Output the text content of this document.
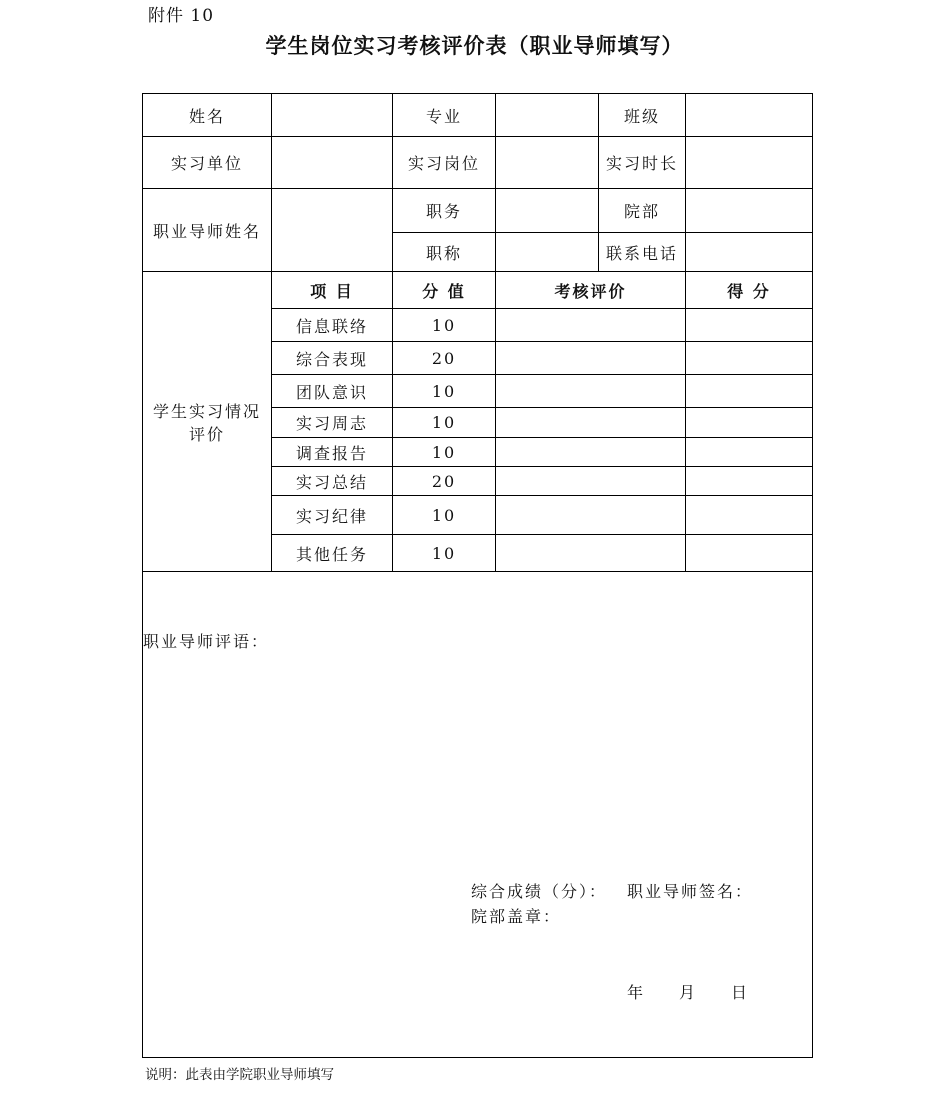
附件 10
学生岗位实习考核评价表（职业导师填写）
姓名		专业		班级	
实习单位		实习岗位		实习时长	
职业导师姓名		职务		院部	
		职称		联系电话	
学生实习情况
评价	项 目	分 值	考核评价		得 分
	信息联络	10			
	综合表现	20			
	团队意识	10			
	实习周志	10			
	调查报告	10			
	实习总结	20			
	实习纪律	10			
	其他任务	10			

职业导师评语：
综合成绩（分）： 职业导师签名：
院部盖章：
年 月 日					
说明：此表由学院职业导师填写
